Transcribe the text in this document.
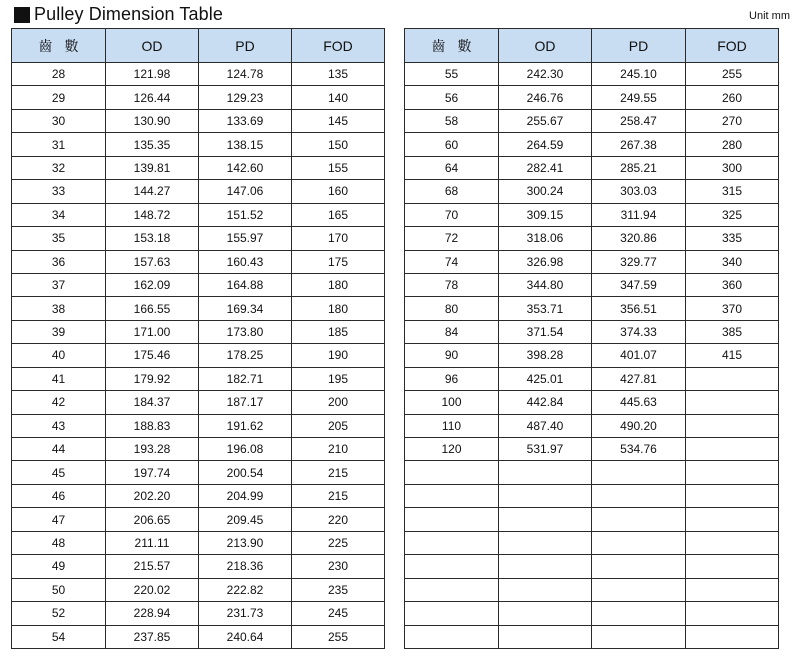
Pulley Dimension Table	Unit mm
齒數	OD	PD	FOD
28	121.98	124.78	135
29	126.44	129.23	140
30	130.90	133.69	145
31	135.35	138.15	150
32	139.81	142.60	155
33	144.27	147.06	160
34	148.72	151.52	165
35	153.18	155.97	170
36	157.63	160.43	175
37	162.09	164.88	180
38	166.55	169.34	180
39	171.00	173.80	185
40	175.46	178.25	190
41	179.92	182.71	195
42	184.37	187.17	200
43	188.83	191.62	205
44	193.28	196.08	210
45	197.74	200.54	215
46	202.20	204.99	215
47	206.65	209.45	220
48	211.11	213.90	225
49	215.57	218.36	230
50	220.02	222.82	235
52	228.94	231.73	245
54	237.85	240.64	255
齒數	OD	PD	FOD
55	242.30	245.10	255
56	246.76	249.55	260
58	255.67	258.47	270
60	264.59	267.38	280
64	282.41	285.21	300
68	300.24	303.03	315
70	309.15	311.94	325
72	318.06	320.86	335
74	326.98	329.77	340
78	344.80	347.59	360
80	353.71	356.51	370
84	371.54	374.33	385
90	398.28	401.07	415
96	425.01	427.81	
100	442.84	445.63	
110	487.40	490.20	
120	531.97	534.76	
